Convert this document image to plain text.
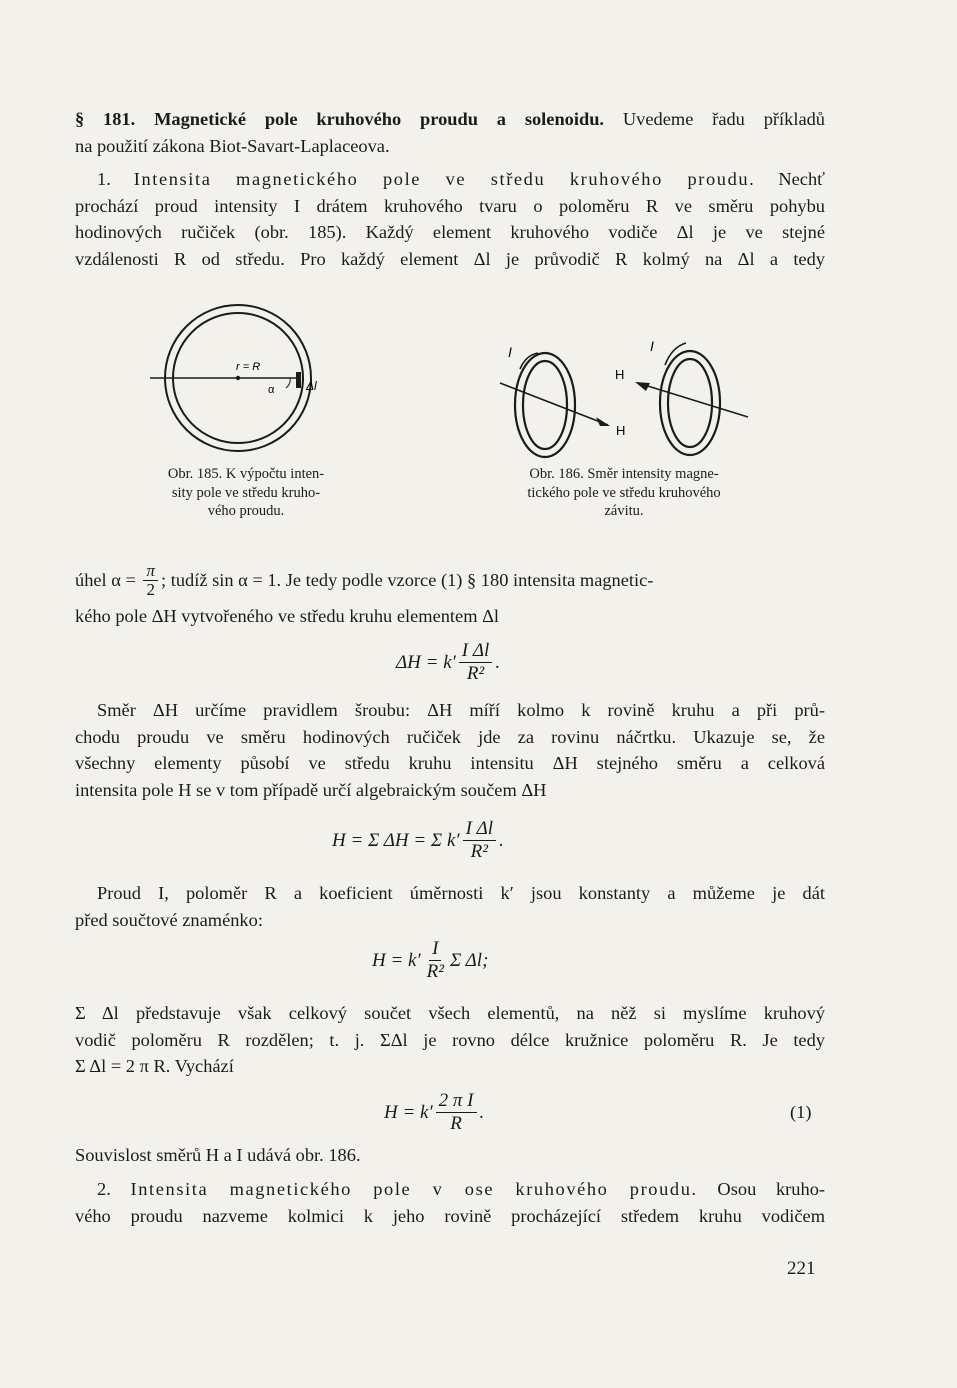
§ 181. Magnetické pole kruhového proudu a solenoidu. Uvedeme řadu příkladů
na použití zákona Biot-Savart-Laplaceova.
1. Intensita magnetického pole ve středu kruhového proudu. Nechť
prochází proud intensity I drátem kruhového tvaru o poloměru R ve směru pohybu
hodinových ručiček (obr. 185). Každý element kruhového vodiče Δl je ve stejné
vzdálenosti R od středu. Pro každý element Δl je průvodič R kolmý na Δl a tedy
r = R
α	Δl
Obr. 185. K výpočtu inten-
sity pole ve středu kruho-
vého proudu.
I	I
H
H
Obr. 186. Směr intensity magne-
tického pole ve středu kruhového
závitu.
úhel $\alpha = \frac{\pi}{2}$ ; tudíž sin α = 1. Je tedy podle vzorce (1) § 180 intensita magnetic-
kého pole ΔH vytvořeného ve středu kruhu elementem Δl
$\Delta H = k' \frac{\text{I Δl}}{\text{R²}}$ .
Směr ΔH určíme pravidlem šroubu: ΔH míří kolmo k rovině kruhu a při prů-
chodu proudu ve směru hodinových ručiček jde za rovinu náčrtku. Ukazuje se, že
všechny elementy působí ve středu kruhu intensitu ΔH stejného směru a celková
intensita pole H se v tom případě určí algebraickým součem ΔH
H = Σ ΔH = Σ $k' \frac{\text{I Δl}}{\text{R²}}$ .
Proud I, poloměr R a koeficient úměrnosti k′ jsou konstanty a můžeme je dát
před součtové znaménko:
$H = k' \frac{I}{\text{R²}}$ Σ Δl;
Σ Δl představuje však celkový součet všech elementů, na něž si myslíme kruhový
vodič poloměru R rozdělen; t. j. ΣΔl je rovno délce kružnice poloměru R. Je tedy
Σ Δl = 2 π R. Vychází
$H = k' \frac{\text{2 π I}}{R}$ .	(1)
Souvislost směrů H a I udává obr. 186.
2. Intensita magnetického pole v ose kruhového proudu. Osou kruho-
vého proudu nazveme kolmici k jeho rovině procházející středem kruhu vodičem
221
